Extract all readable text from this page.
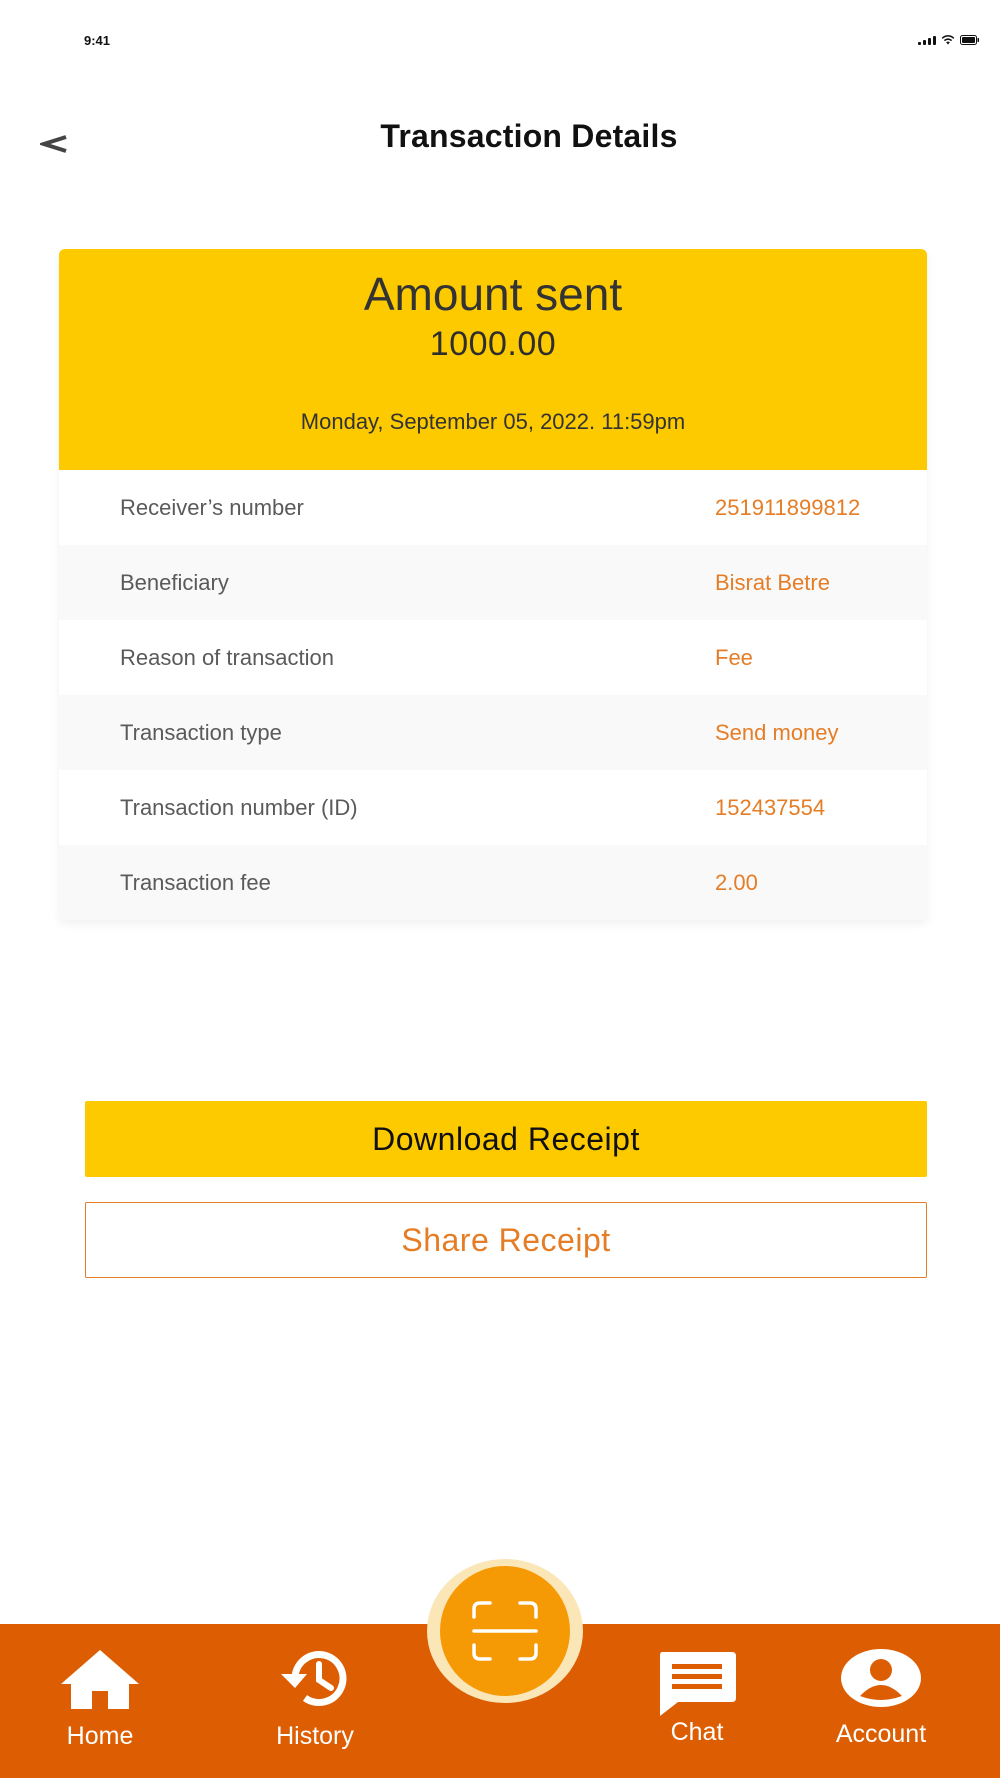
9:41
Transaction Details
Amount sent
1000.00
Monday, September 05, 2022. 11:59pm
Receiver’s number	251911899812
Beneficiary	Bisrat Betre
Reason of transaction	Fee
Transaction type	Send money
Transaction number (ID)	152437554
Transaction fee	2.00
Download Receipt
Share Receipt
Home	History	Chat	Account
